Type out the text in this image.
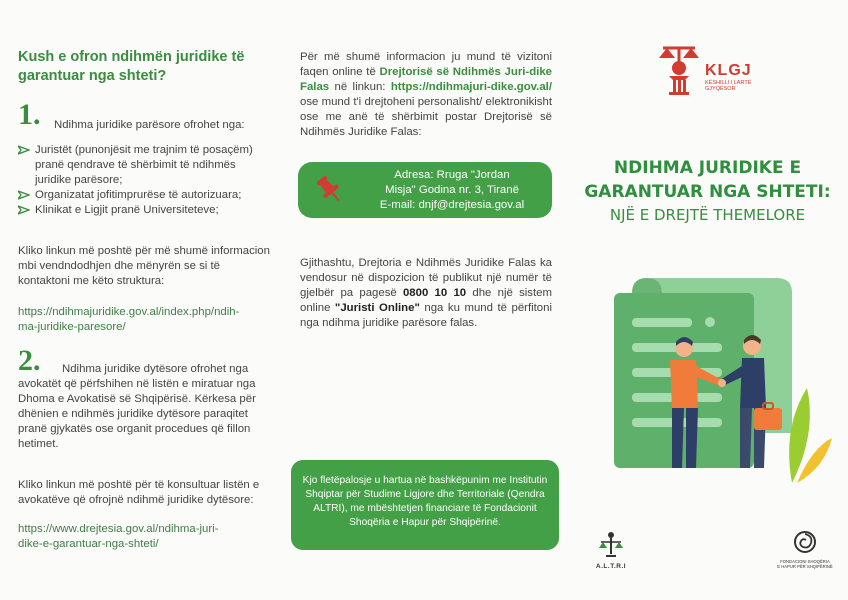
Kush e ofron ndihmën juridike të
garantuar nga shteti?
1. Ndihma juridike parësore ofrohet nga:
Juristët (punonjësit me trajnim të posaçëm) pranë qendrave të shërbimit të ndihmës juridike parësore;
Organizatat jofitimprurëse të autorizuara;
Klinikat e Ligjit pranë Universiteteve;
Kliko linkun më poshtë për më shumë informacion mbi vendndodhjen dhe mënyrën se si të kontaktoni me këto struktura:
https://ndihmajuridike.gov.al/index.php/ndih-
ma-juridike-paresore/
2.	Ndihma juridike dytësore ofrohet nga avokatët që përfshihen në listën e miratuar nga Dhoma e Avokatisë së Shqipërisë. Kërkesa për dhënien e ndihmës juridike dytësore paraqitet pranë gjykatës ose organit procedues që fillon hetimet.
Kliko linkun më poshtë për të konsultuar listën e avokatëve që ofrojnë ndihmë juridike dytësore:
https://www.drejtesia.gov.al/ndihma-juri-
dike-e-garantuar-nga-shteti/
Për më shumë informacion ju mund të vizitoni faqen online të Drejtorisë së Ndihmës Juri-dike Falas në linkun: https://ndihmajuri-dike.gov.al/ ose mund t'i drejtoheni personalisht/ elektronikisht ose me anë të shërbimit postar Drejtorisë së Ndihmës Juridike Falas:
Adresa: Rruga "Jordan
Misja" Godina nr. 3, Tiranë
E-mail: dnjf@drejtesia.gov.al
Gjithashtu, Drejtoria e Ndihmës Juridike Falas ka vendosur në dispozicion të publikut një numër të gjelbër pa pagesë 0800 10 10 dhe një sistem online "Juristi Online" nga ku mund të përfitoni nga ndihma juridike parësore falas.
Kjo fletëpalosje u hartua në bashkëpunim me Institutin Shqiptar për Studime Ligjore dhe Territoriale (Qendra ALTRI), me mbështetjen financiare të Fondacionit Shoqëria e Hapur për Shqipërinë.
KLGJ
KËSHILLI I LARTË
GJYQËSOR
NDIHMA JURIDIKE E
GARANTUAR NGA SHTETI:
NJË E DREJTË THEMELORE
A.L.T.R.I
FONDACIONI SHOQËRIA
E HAPUR PËR SHQIPËRINË
